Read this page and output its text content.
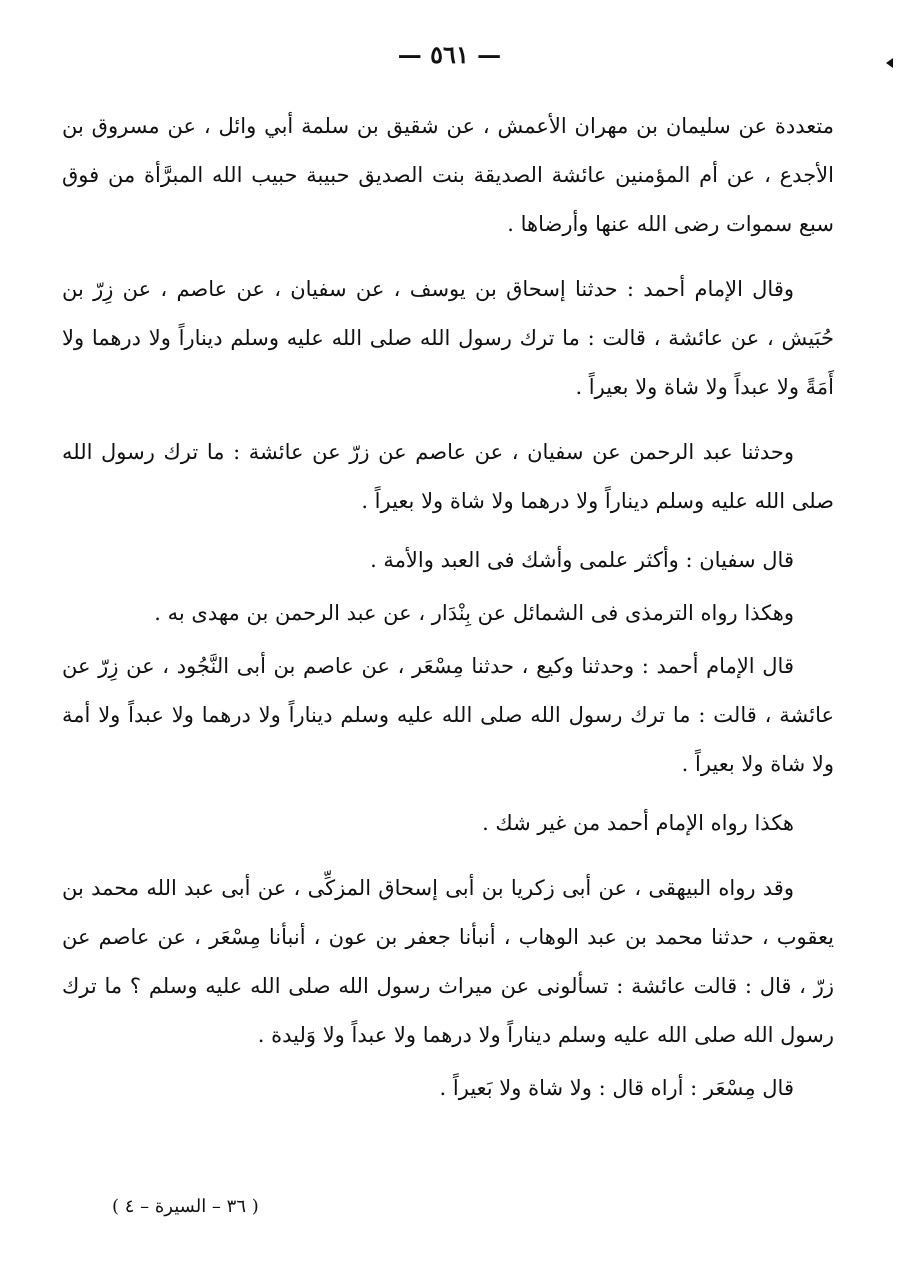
— ٥٦١ —

متعددة عن سليمان بن مهران الأعمش ، عن شقيق بن سلمة أبي وائل ، عن مسروق بن الأجدع ، عن أم المؤمنين عائشة الصديقة بنت الصديق حبيبة حبيب الله المبرَّأة من فوق سبع سموات رضى الله عنها وأرضاها .

وقال الإمام أحمد : حدثنا إسحاق بن يوسف ، عن سفيان ، عن عاصم ، عن زِرّ بن حُبَيش ، عن عائشة ، قالت : ما ترك رسول الله صلى الله عليه وسلم ديناراً ولا درهما ولا أَمَةً ولا عبداً ولا شاة ولا بعيراً .

وحدثنا عبد الرحمن عن سفيان ، عن عاصم عن زرّ عن عائشة : ما ترك رسول الله صلى الله عليه وسلم ديناراً ولا درهما ولا شاة ولا بعيراً .

قال سفيان : وأكثر علمى وأشك فى العبد والأمة .

وهكذا رواه الترمذى فى الشمائل عن بِنْدَار ، عن عبد الرحمن بن مهدى به .

قال الإمام أحمد : وحدثنا وكيع ، حدثنا مِسْعَر ، عن عاصم بن أبى النَّجُود ، عن زِرّ عن عائشة ، قالت : ما ترك رسول الله صلى الله عليه وسلم ديناراً ولا درهما ولا عبداً ولا أمة ولا شاة ولا بعيراً .

هكذا رواه الإمام أحمد من غير شك .

وقد رواه البيهقى ، عن أبى زكريا بن أبى إسحاق المزكِّى ، عن أبى عبد الله محمد بن يعقوب ، حدثنا محمد بن عبد الوهاب ، أنبأنا جعفر بن عون ، أنبأنا مِسْعَر ، عن عاصم عن زرّ ، قال : قالت عائشة : تسألونى عن ميراث رسول الله صلى الله عليه وسلم ؟ ما ترك رسول الله صلى الله عليه وسلم ديناراً ولا درهما ولا عبداً ولا وَليدة .

قال مِسْعَر : أراه قال : ولا شاة ولا بَعيراً .

( ٣٦ – السيرة – ٤ )
